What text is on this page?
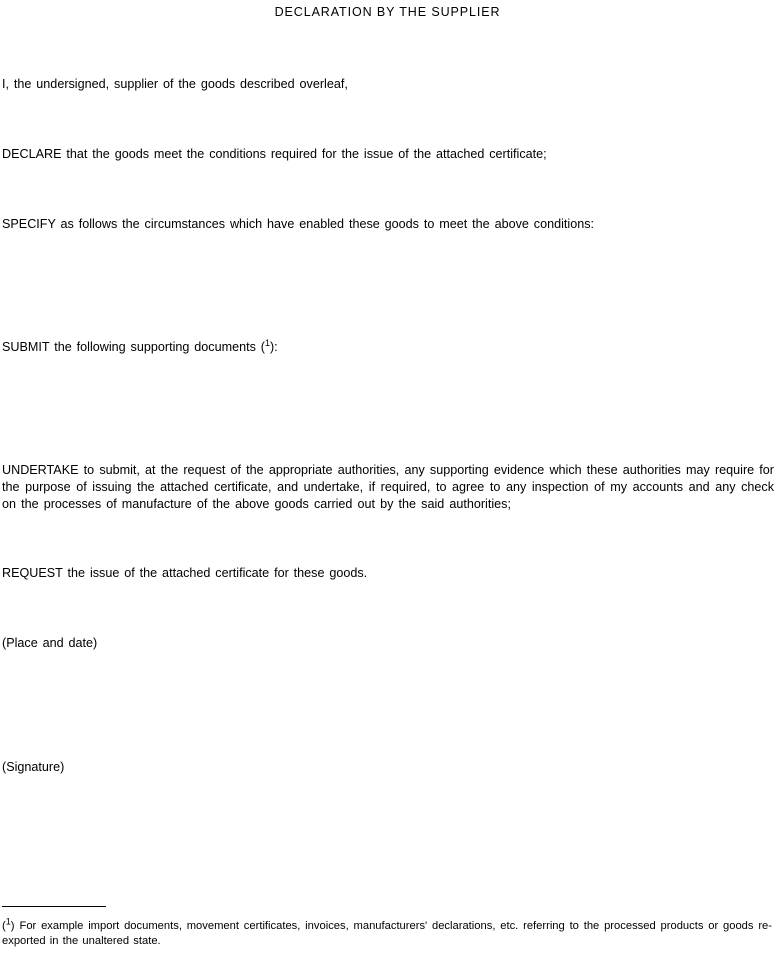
DECLARATION BY THE SUPPLIER
I, the undersigned, supplier of the goods described overleaf,
DECLARE that the goods meet the conditions required for the issue of the attached certificate;
SPECIFY as follows the circumstances which have enabled these goods to meet the above conditions:
SUBMIT the following supporting documents ($^1$):
UNDERTAKE to submit, at the request of the appropriate authorities, any supporting evidence which these authorities may require for the purpose of issuing the attached certificate, and undertake, if required, to agree to any inspection of my accounts and any check on the processes of manufacture of the above goods carried out by the said authorities;
REQUEST the issue of the attached certificate for these goods.
(Place and date)
(Signature)
($^1$) For example import documents, movement certificates, invoices, manufacturers' declarations, etc. referring to the processed products or goods re-exported in the unaltered state.
